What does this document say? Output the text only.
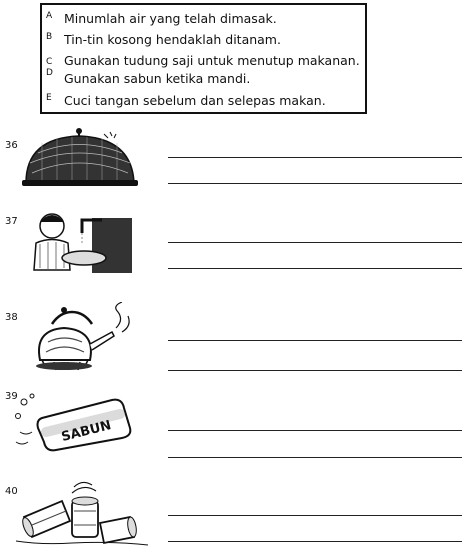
A Minumlah air yang telah dimasak.
B Tin-tin kosong hendaklah ditanam.
C Gunakan tudung saji untuk menutup makanan.
D Gunakan sabun ketika mandi.
E Cuci tangan sebelum dan selepas makan.
36
37
38
39
SABUN
40
